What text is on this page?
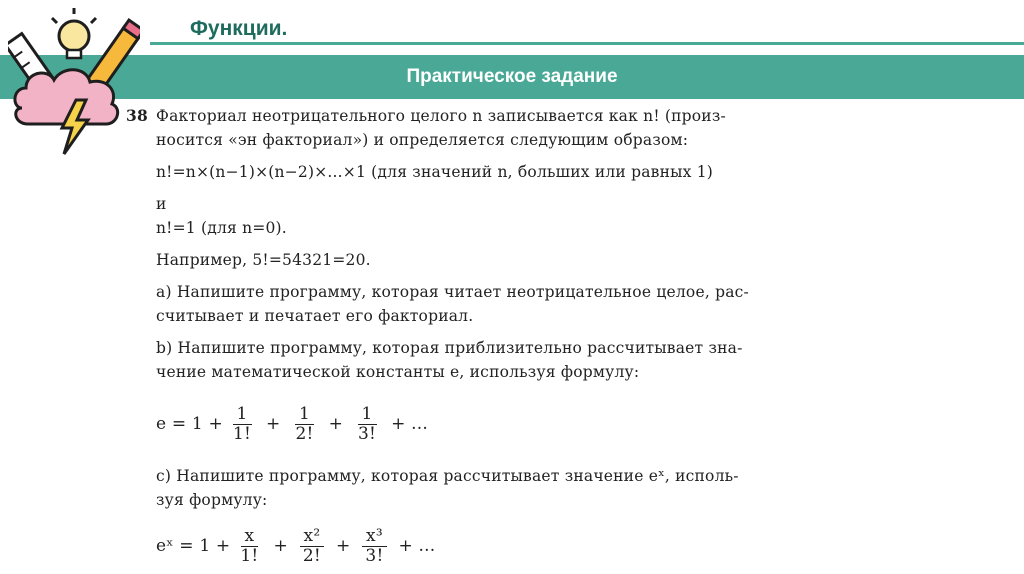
Функции.
Практическое задание
38 Факториал неотрицательного целого n записывается как n! (произ-

носится «эн факториал») и определяется следующим образом:

n!=n×(n−1)×(n−2)×...×1 (для значений n, больших или равных 1)

и

n!=1 (для n=0).

Например, 5!=54321=20.

a) Напишите программу, которая читает неотрицательное целое, рас-

считывает и печатает его факториал.

b) Напишите программу, которая приблизительно рассчитывает зна-

чение математической константы e, используя формулу:

$e = 1 + \frac{1}{1!} + \frac{1}{2!} + \frac{1}{3!}$ + ...

c) Напишите программу, которая рассчитывает значение eˣ, исполь-

зуя формулу:

eˣ = $1 + \frac{x}{1!} + \frac{\text{x²}}{2!} + \frac{\text{x³}}{3!}$ + ...
